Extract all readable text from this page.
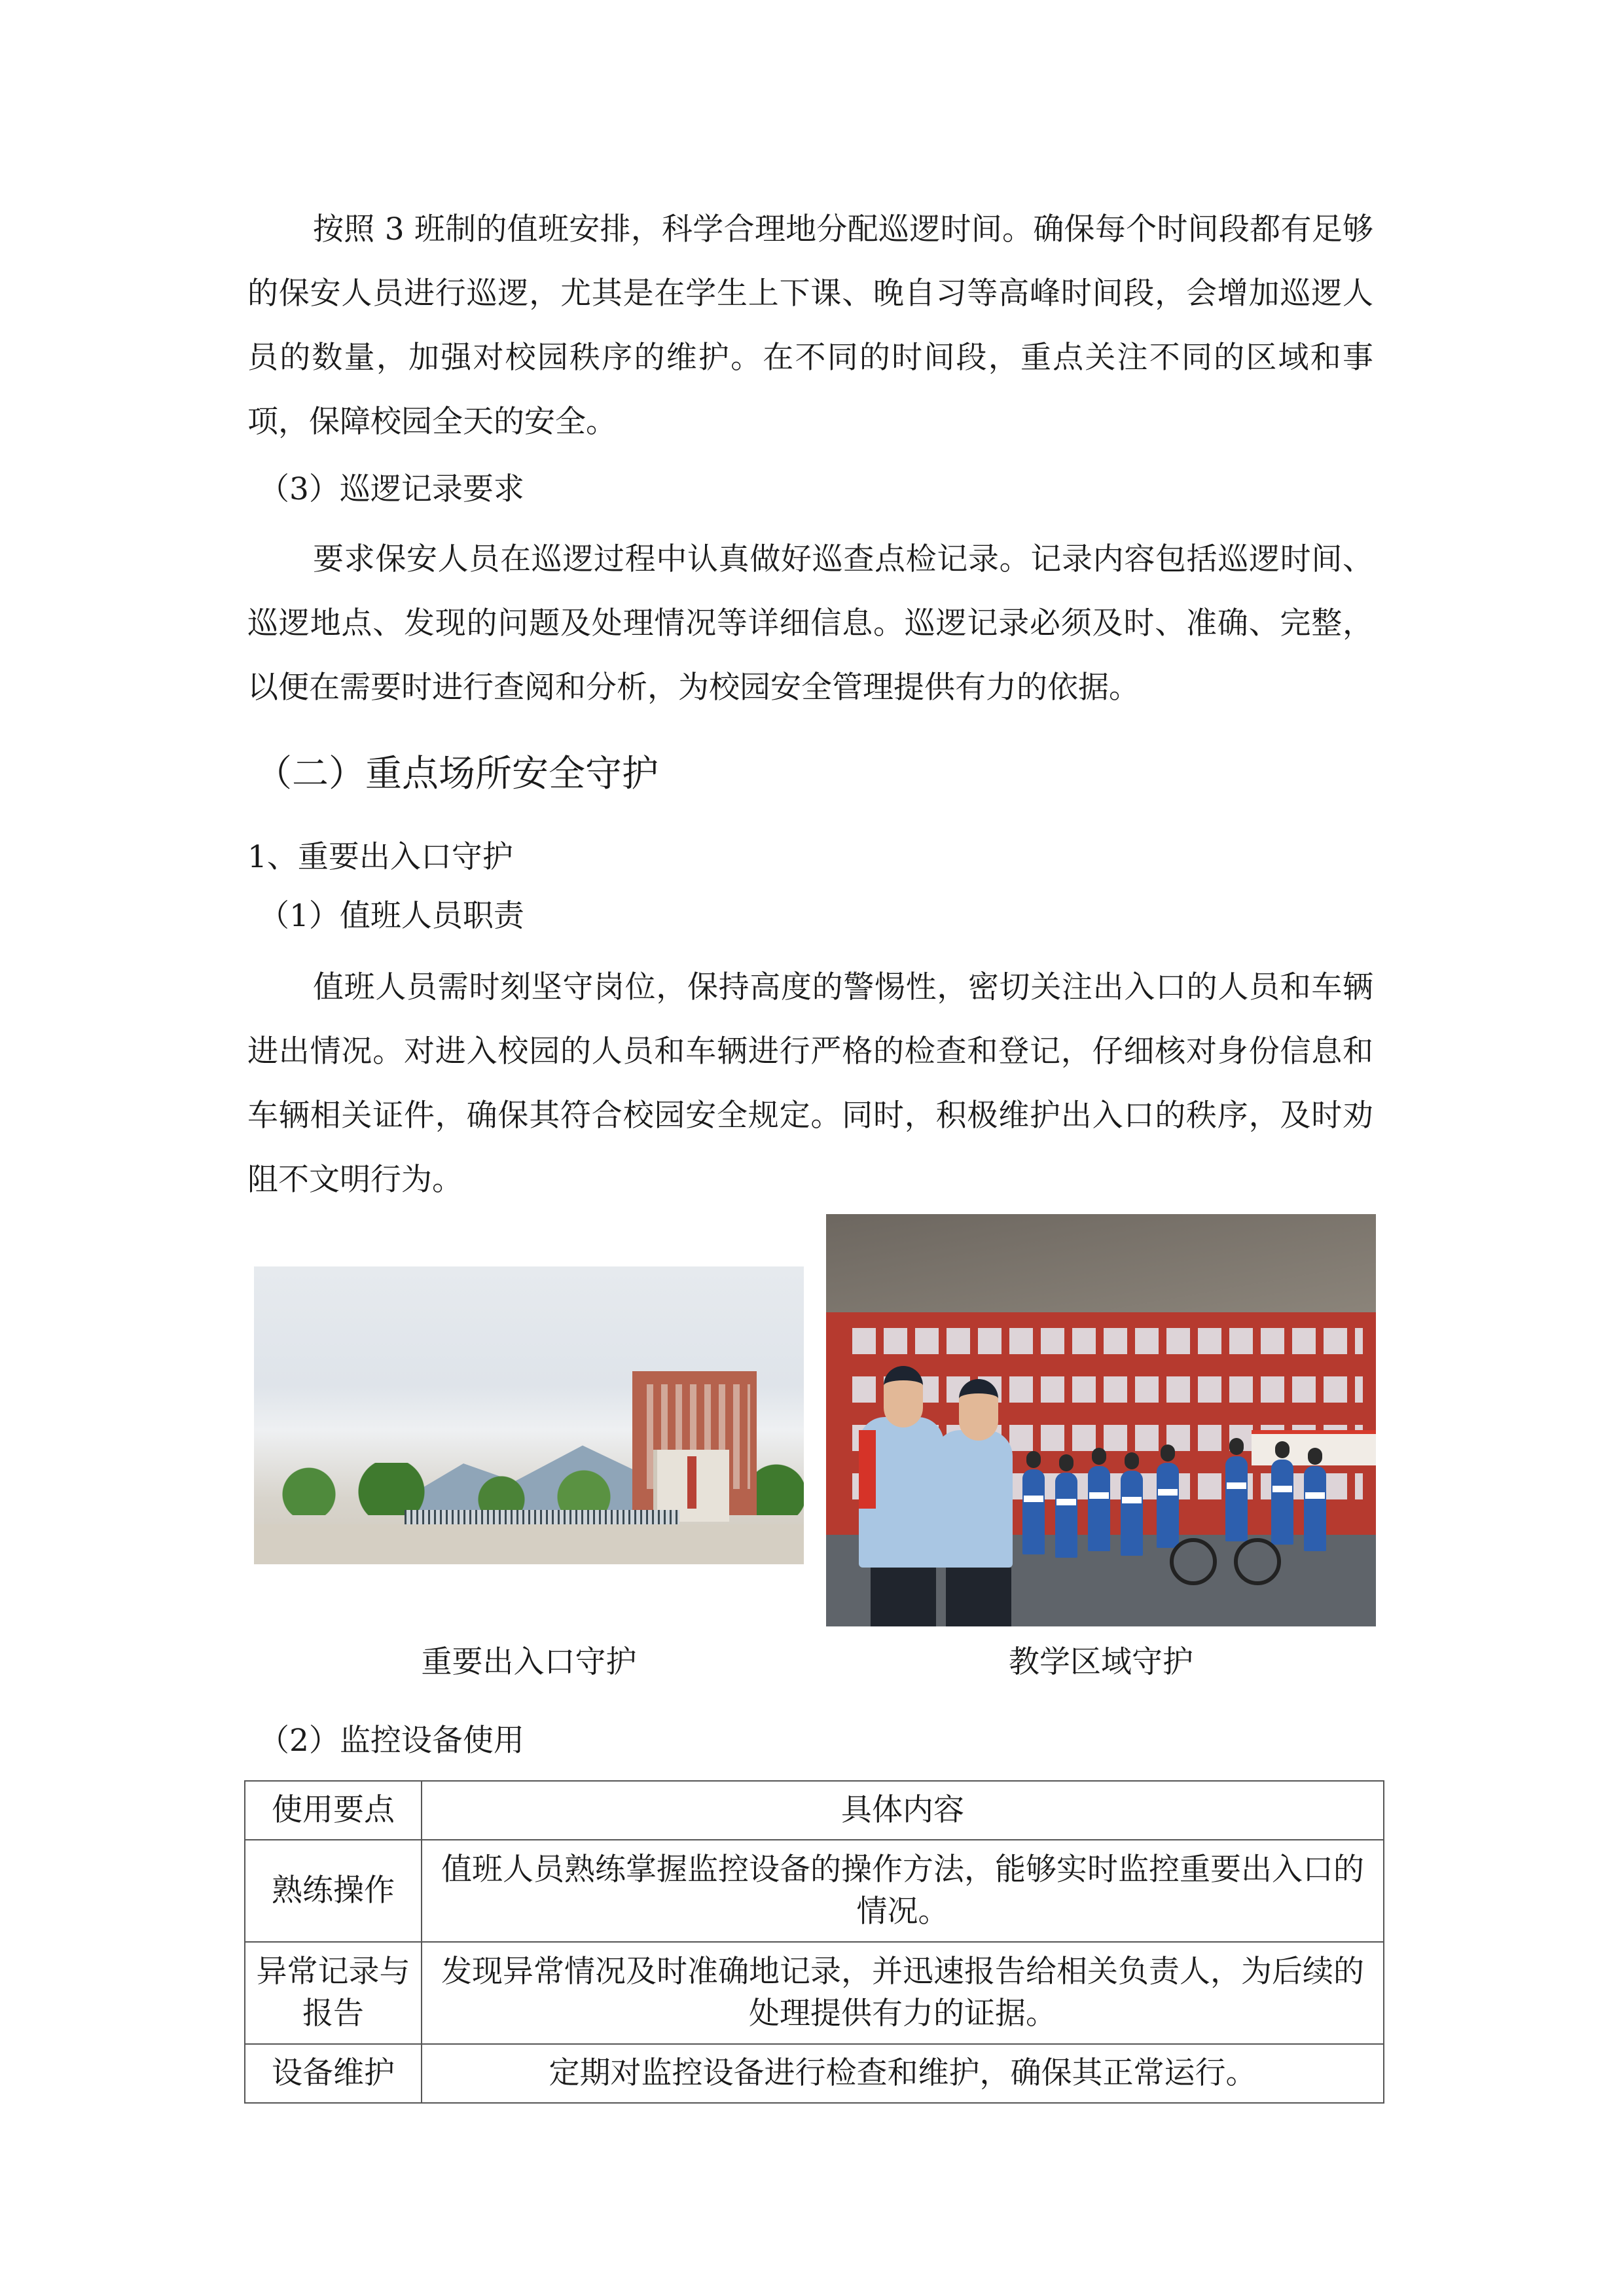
按照 3 班制的值班安排，科学合理地分配巡逻时间。确保每个时间段都有足够的保安人员进行巡逻，尤其是在学生上下课、晚自习等高峰时间段，会增加巡逻人员的数量，加强对校园秩序的维护。在不同的时间段，重点关注不同的区域和事项，保障校园全天的安全。

（3）巡逻记录要求

要求保安人员在巡逻过程中认真做好巡查点检记录。记录内容包括巡逻时间、巡逻地点、发现的问题及处理情况等详细信息。巡逻记录必须及时、准确、完整，以便在需要时进行查阅和分析，为校园安全管理提供有力的依据。

（二）重点场所安全守护
1、重要出入口守护
（1）值班人员职责

值班人员需时刻坚守岗位，保持高度的警惕性，密切关注出入口的人员和车辆进出情况。对进入校园的人员和车辆进行严格的检查和登记，仔细核对身份信息和车辆相关证件，确保其符合校园安全规定。同时，积极维护出入口的秩序，及时劝阻不文明行为。

重要出入口守护	教学区域守护
（2）监控设备使用
使用要点	具体内容
熟练操作	值班人员熟练掌握监控设备的操作方法，能够实时监控重要出入口的情况。
异常记录与报告	发现异常情况及时准确地记录，并迅速报告给相关负责人，为后续的处理提供有力的证据。
设备维护	定期对监控设备进行检查和维护，确保其正常运行。
